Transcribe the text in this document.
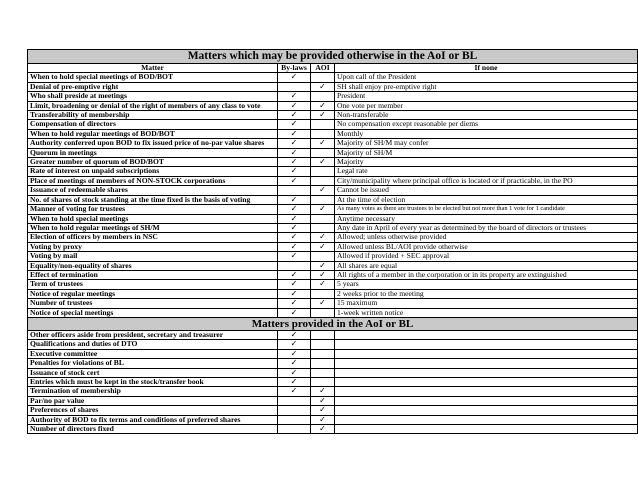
Matters which may be provided otherwise in the AoI or BL			
Matter	By-laws	AOI	If none
When to hold special meetings of BOD/BOT	✓		Upon call of the President
Denial of pre-emptive right		✓	SH shall enjoy pre-emptive right
Who shall preside at meetings	✓		President
Limit, broadening or denial of the right of members of any class to vote	✓	✓	One vote per member
Transferability of membership	✓	✓	Non-transferable
Compensation of directors	✓		No compensation except reasonable per diems
When to hold regular meetings of BOD/BOT	✓		Monthly
Authority conferred upon BOD to fix issued price of no-par value shares	✓	✓	Majority of SH/M may confer
Quorum in meetings	✓		Majority of SH/M
Greater number of quorum of BOD/BOT	✓	✓	Majority
Rate of interest on unpaid subscriptions	✓		Legal rate
Place of meetings of members of NON-STOCK corporations	✓		City/municipality where principal office is located or if practicable, in the PO
Issuance of redeemable shares		✓	Cannot be issued
No. of shares of stock standing at the time fixed is the basis of voting	✓		At the time of election
Manner of voting for trustees	✓	✓	As many votes as there are trustees to be elected but not more than 1 vote for 1 candidate
When to hold special meetings	✓		Anytime necessary
When to hold regular meetings of SH/M	✓		Any date in April of every year as determined by the board of directors or trustees
Election of officers by members in NSC	✓	✓	Allowed; unless otherwise provided
Voting by proxy	✓	✓	Allowed unless BL/AOI provide otherwise
Voting by mail	✓		Allowed if provided + SEC approval
Equality/non-equality of shares		✓	All shares are equal
Effect of termination	✓	✓	All rights of a member in the corporation or in its property are extinguished
Term of trustees	✓	✓	5 years
Notice of regular meetings	✓		2 weeks prior to the meeting
Number of trustees	✓	✓	15 maximum
Notice of special meetings	✓		1-week written notice
Matters provided in the AoI or BL			
Other officers aside from president, secretary and treasurer	✓		
Qualifications and duties of DTO	✓		
Executive committee	✓		
Penalties for violations of BL	✓		
Issuance of stock cert	✓		
Entries which must be kept in the stock/transfer book	✓		
Termination of membership	✓	✓	
Par/no par value		✓	
Preferences of shares		✓	
Authority of BOD to fix terms and conditions of preferred shares		✓	
Number of directors fixed		✓	
